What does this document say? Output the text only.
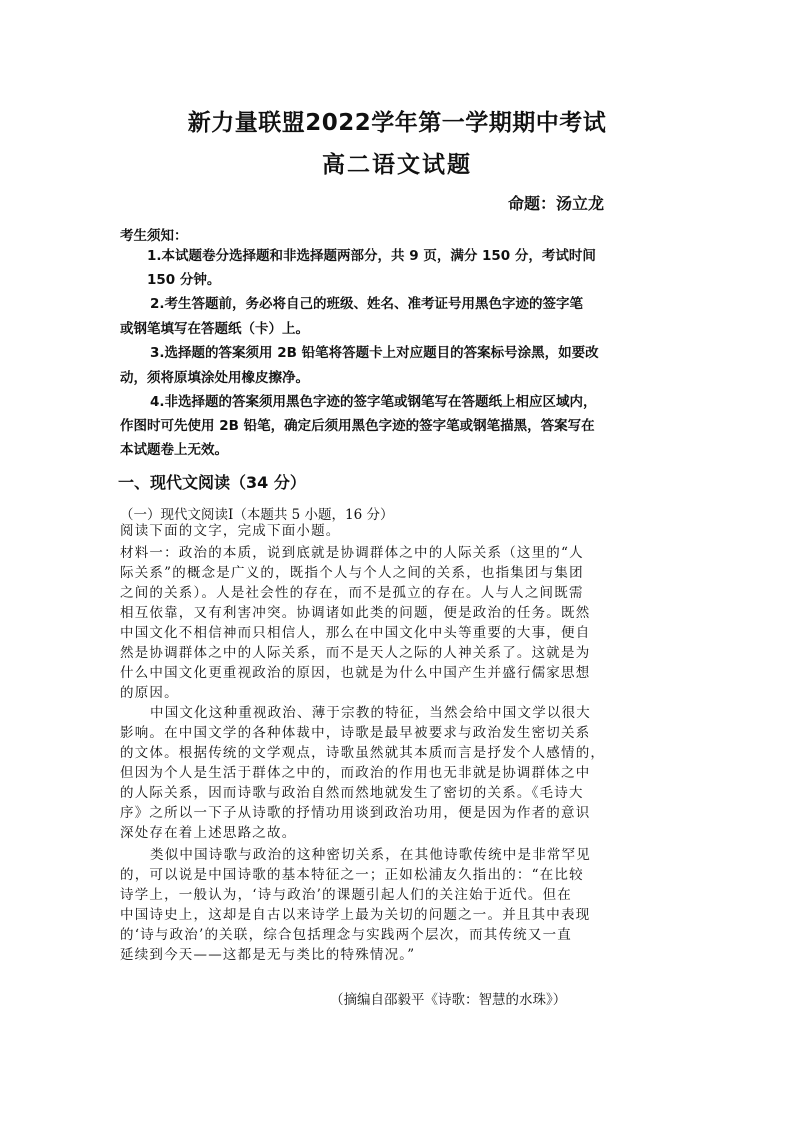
新力量联盟2022学年第一学期期中考试
高二语文试题
命题：汤立龙
考生须知：
1.本试题卷分选择题和非选择题两部分，共 9 页，满分 150 分，考试时间
150 分钟。
2.考生答题前，务必将自己的班级、姓名、准考证号用黑色字迹的签字笔
或钢笔填写在答题纸（卡）上。
3.选择题的答案须用 2B 铅笔将答题卡上对应题目的答案标号涂黑，如要改
动，须将原填涂处用橡皮擦净。
4.非选择题的答案须用黑色字迹的签字笔或钢笔写在答题纸上相应区域内，
作图时可先使用 2B 铅笔，确定后须用黑色字迹的签字笔或钢笔描黑，答案写在
本试题卷上无效。
一、现代文阅读（34 分）
（一）现代文阅读Ⅰ（本题共 5 小题，16 分）
阅读下面的文字，完成下面小题。
材料一：政治的本质，说到底就是协调群体之中的人际关系（这里的“人
际关系”的概念是广义的，既指个人与个人之间的关系，也指集团与集团
之间的关系）。人是社会性的存在，而不是孤立的存在。人与人之间既需
相互依靠，又有利害冲突。协调诸如此类的问题，便是政治的任务。既然
中国文化不相信神而只相信人，那么在中国文化中头等重要的大事，便自
然是协调群体之中的人际关系，而不是天人之际的人神关系了。这就是为
什么中国文化更重视政治的原因，也就是为什么中国产生并盛行儒家思想
的原因。
中国文化这种重视政治、薄于宗教的特征，当然会给中国文学以很大
影响。在中国文学的各种体裁中，诗歌是最早被要求与政治发生密切关系
的文体。根据传统的文学观点，诗歌虽然就其本质而言是抒发个人感情的，
但因为个人是生活于群体之中的，而政治的作用也无非就是协调群体之中
的人际关系，因而诗歌与政治自然而然地就发生了密切的关系。《毛诗大
序》之所以一下子从诗歌的抒情功用谈到政治功用，便是因为作者的意识
深处存在着上述思路之故。
类似中国诗歌与政治的这种密切关系，在其他诗歌传统中是非常罕见
的，可以说是中国诗歌的基本特征之一；正如松浦友久指出的：“在比较
诗学上，一般认为，‘诗与政治’的课题引起人们的关注始于近代。但在
中国诗史上，这却是自古以来诗学上最为关切的问题之一。并且其中表现
的‘诗与政治’的关联，综合包括理念与实践两个层次，而其传统又一直
延续到今天——这都是无与类比的特殊情况。”
（摘编自邵毅平《诗歌：智慧的水珠》）
